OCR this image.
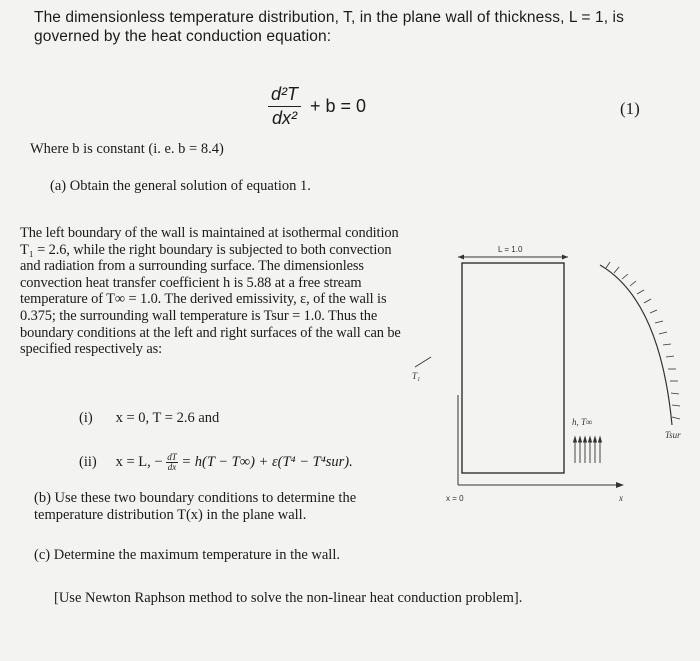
The dimensionless temperature distribution, T, in the plane wall of thickness, L = 1, is governed by the heat conduction equation:
$\frac{\text{d²T}}{\text{dx²}} + b = 0$	(1)
Where b is constant (i. e. b = 8.4)
(a) Obtain the general solution of equation 1.

The left boundary of the wall is maintained at isothermal condition T₁ = 2.6, while the right boundary is subjected to both convection and radiation from a surrounding surface. The dimensionless convection heat transfer coefficient h is 5.88 at a free stream temperature of T∞ = 1.0. The derived emissivity, ε, of the wall is 0.375; the surrounding wall temperature is Tsur = 1.0. Thus the boundary conditions at the left and right surfaces of the wall can be specified respectively as:

(i) x = 0, T = 2.6 and
(ii) x = L, − $\frac{dT}{dx} = h(T - T\infty) + \varepsilon(T^4 - T^4sur)$.

(b) Use these two boundary conditions to determine the temperature distribution T(x) in the plane wall.

(c) Determine the maximum temperature in the wall.
[Use Newton Raphson method to solve the non-linear heat conduction problem].
L = 1.0
x = 0	x
T₁
h, T∞
Tsur
